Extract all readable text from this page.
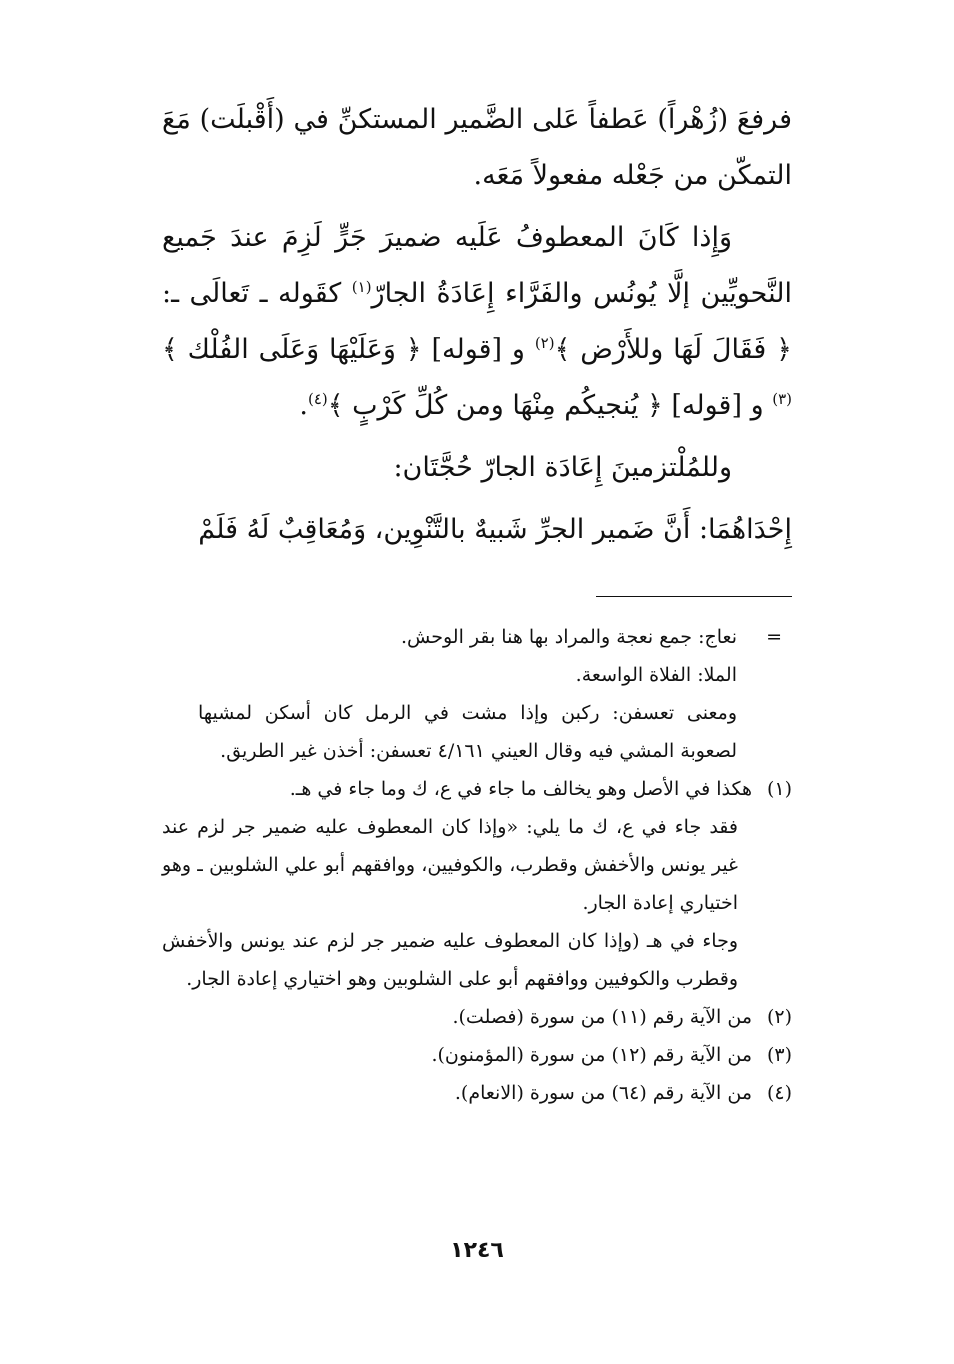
فرفعَ (زُهْراً) عَطفاً عَلى الضَّمير المستكنِّ في (أَقْبلَت) مَعَ التمكّن من جَعْله مفعولاً مَعَه.

وَإِذا كَانَ المعطوفُ عَلَيه ضميرَ جَرٍّ لَزِمَ عندَ جَميع النَّحويِّين إلَّا يُونُس والفَرَّاء إِعَادَةُ الجارّ$^{(١)}$ كقَوله ـ تَعالَى ـ: ﴿ فَقَالَ لَهَا وللأَرْض ﴾$^{(٢)}$ و [قوله] ﴿ وَعَلَيْهَا وَعَلَى الفُلْك ﴾$^{(٣)}$ و [قوله] ﴿ يُنجيكُم مِنْهَا ومن كُلِّ كَرْبٍ ﴾$^{(٤)}$.

وللمُلْتزمينَ إِعَادَة الجارّ حُجَّتَان:

إِحْدَاهُمَا: أَنَّ ضَمير الجرِّ شَبيهٌ بالتَّنْوِين، وَمُعَاقِبٌ لَهُ فَلَمْ

=

نعاج: جمع نعجة والمراد بها هنا بقر الوحش.

الملا: الفلاة الواسعة.

ومعنى تعسفن: ركبن وإذا مشت في الرمل كان أسكن لمشيها لصعوبة المشي فيه وقال العيني ٤/١٦١ تعسفن: أخذن غير الطريق.

(١)

هكذا في الأصل وهو يخالف ما جاء في ع، ك وما جاء في هـ.

فقد جاء في ع، ك ما يلي: «وإذا كان المعطوف عليه ضمير جر لزم عند غير يونس والأخفش وقطرب، والكوفيين، ووافقهم أبو علي الشلوبين ـ وهو اختياري إعادة الجار.

وجاء في هـ (وإذا كان المعطوف عليه ضمير جر لزم عند يونس والأخفش وقطرب والكوفيين ووافقهم أبو على الشلوبين وهو اختياري إعادة الجار.

(٢)

من الآية رقم (١١) من سورة (فصلت).

(٣)

من الآية رقم (١٢) من سورة (المؤمنون).

(٤)

من الآية رقم (٦٤) من سورة (الانعام).

١٢٤٦
